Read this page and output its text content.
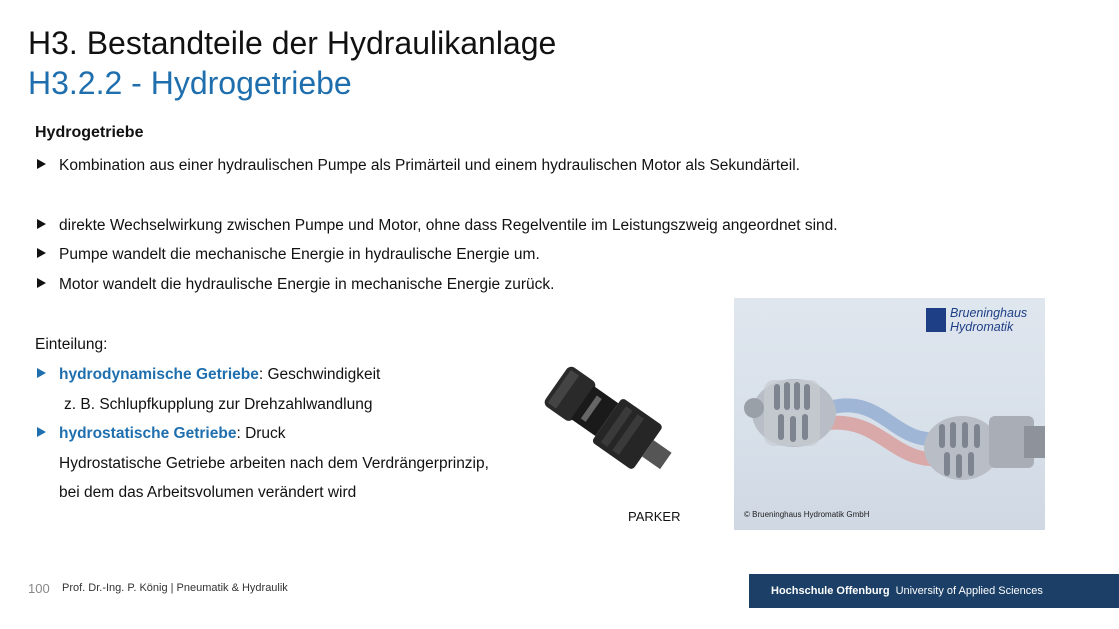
H3. Bestandteile der Hydraulikanlage
H3.2.2 - Hydrogetriebe
Hydrogetriebe
Kombination aus einer hydraulischen Pumpe als Primärteil und einem hydraulischen Motor als Sekundärteil.
direkte Wechselwirkung zwischen Pumpe und Motor, ohne dass Regelventile im Leistungszweig angeordnet sind.
Pumpe wandelt die mechanische Energie in hydraulische Energie um.
Motor wandelt die hydraulische Energie in mechanische Energie zurück.
Einteilung:
hydrodynamische Getriebe: Geschwindigkeit
z. B. Schlupfkupplung zur Drehzahlwandlung
hydrostatische Getriebe: Druck
Hydrostatische Getriebe arbeiten nach dem Verdrängerprinzip,
bei dem das Arbeitsvolumen verändert wird
PARKER
Brueninghaus
Hydromatik
© Brueninghaus Hydromatik GmbH
100 Prof. Dr.-Ing. P. König | Pneumatik & Hydraulik	Hochschule Offenburg University of Applied Sciences
